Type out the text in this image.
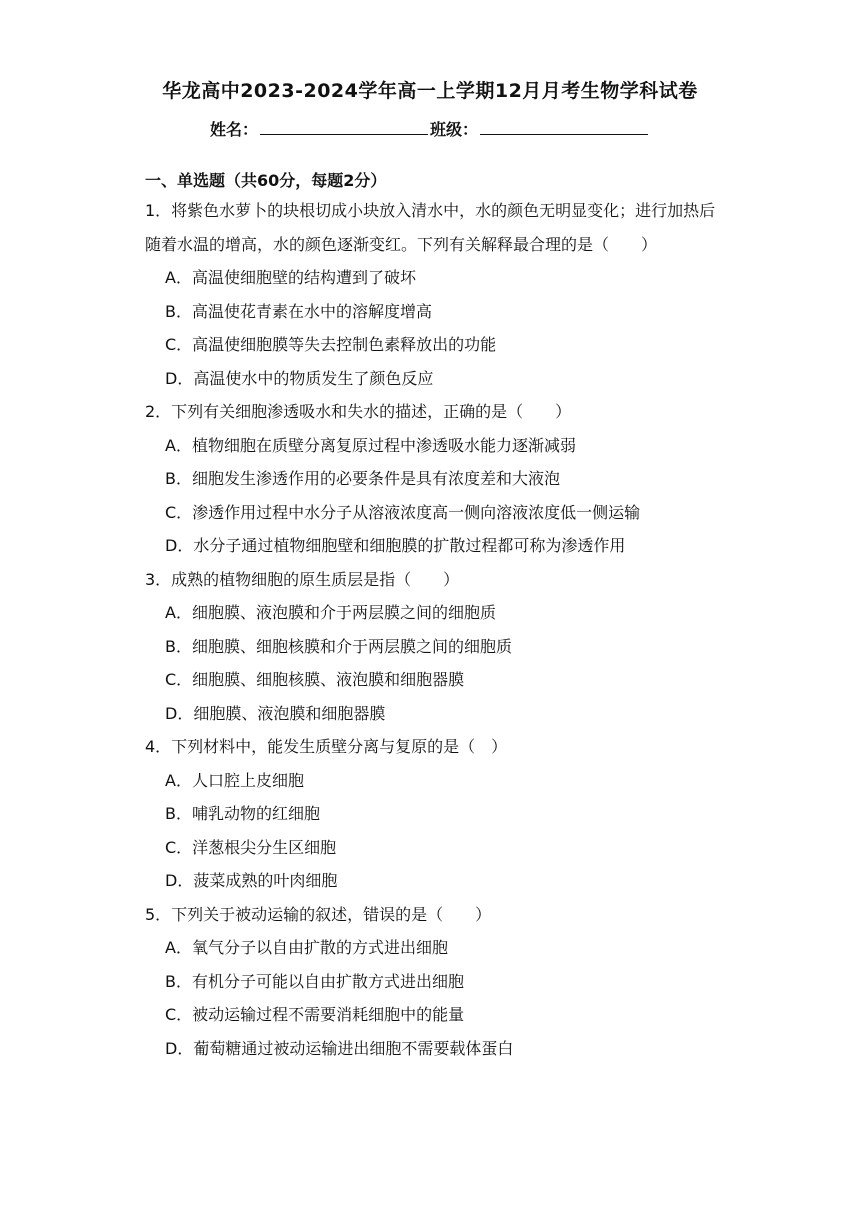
华龙高中2023-2024学年高一上学期12月月考生物学科试卷
姓名：	班级：
一、单选题（共60分，每题2分）

1．将紫色水萝卜的块根切成小块放入清水中，水的颜色无明显变化；进行加热后随着水温的增高，水的颜色逐渐变红。下列有关解释最合理的是（　　）

A．高温使细胞壁的结构遭到了破坏

B．高温使花青素在水中的溶解度增高

C．高温使细胞膜等失去控制色素释放出的功能

D．高温使水中的物质发生了颜色反应

2．下列有关细胞渗透吸水和失水的描述，正确的是（　　）

A．植物细胞在质壁分离复原过程中渗透吸水能力逐渐减弱

B．细胞发生渗透作用的必要条件是具有浓度差和大液泡

C．渗透作用过程中水分子从溶液浓度高一侧向溶液浓度低一侧运输

D．水分子通过植物细胞壁和细胞膜的扩散过程都可称为渗透作用

3．成熟的植物细胞的原生质层是指（　　）

A．细胞膜、液泡膜和介于两层膜之间的细胞质

B．细胞膜、细胞核膜和介于两层膜之间的细胞质

C．细胞膜、细胞核膜、液泡膜和细胞器膜

D．细胞膜、液泡膜和细胞器膜

4．下列材料中，能发生质壁分离与复原的是（　）

A．人口腔上皮细胞

B．哺乳动物的红细胞

C．洋葱根尖分生区细胞

D．菠菜成熟的叶肉细胞

5．下列关于被动运输的叙述，错误的是（　　）

A．氧气分子以自由扩散的方式进出细胞

B．有机分子可能以自由扩散方式进出细胞

C．被动运输过程不需要消耗细胞中的能量

D．葡萄糖通过被动运输进出细胞不需要载体蛋白
